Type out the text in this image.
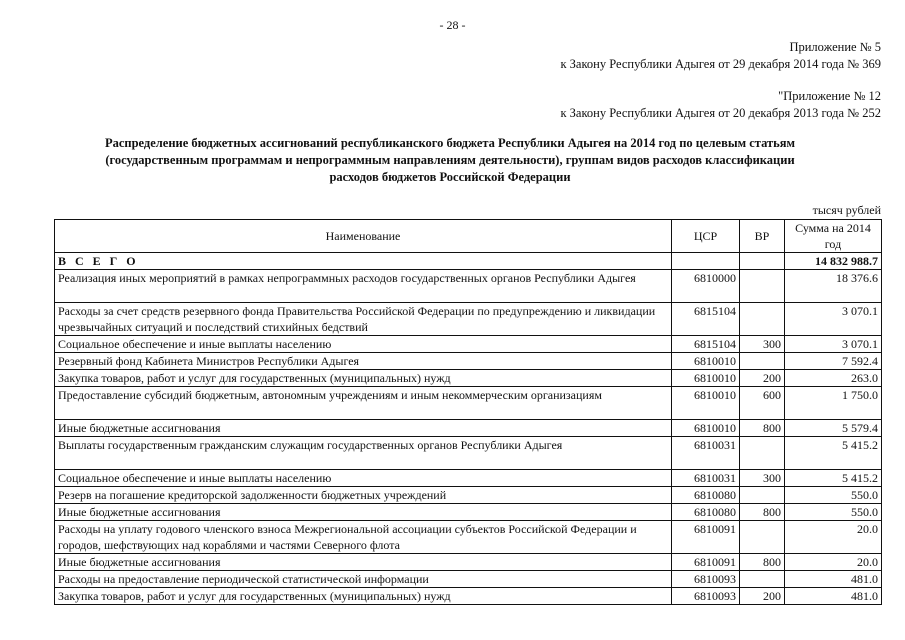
- 28 -
Приложение № 5
к Закону Республики Адыгея от 29 декабря 2014 года № 369
"Приложение № 12
к Закону Республики Адыгея от 20 декабря 2013 года № 252
Распределение бюджетных ассигнований республиканского бюджета Республики Адыгея на 2014 год по целевым статьям
(государственным программам и непрограммным направлениям деятельности), группам видов расходов классификации
расходов бюджетов Российской Федерации
тысяч рублей
Наименование	ЦСР	ВР	Сумма на 2014 год
В С Е Г О			14 832 988.7
Реализация иных мероприятий в рамках непрограммных расходов государственных органов Республики Адыгея	6810000		18 376.6
Расходы за счет средств резервного фонда Правительства Российской Федерации по предупреждению и ликвидации чрезвычайных ситуаций и последствий стихийных бедствий	6815104		3 070.1
Социальное обеспечение и иные выплаты населению	6815104	300	3 070.1
Резервный фонд Кабинета Министров Республики Адыгея	6810010		7 592.4
Закупка товаров, работ и услуг для государственных (муниципальных) нужд	6810010	200	263.0
Предоставление субсидий бюджетным, автономным учреждениям и иным некоммерческим организациям	6810010	600	1 750.0
Иные бюджетные ассигнования	6810010	800	5 579.4
Выплаты государственным гражданским служащим государственных органов Республики Адыгея	6810031		5 415.2
Социальное обеспечение и иные выплаты населению	6810031	300	5 415.2
Резерв на погашение кредиторской задолженности бюджетных учреждений	6810080		550.0
Иные бюджетные ассигнования	6810080	800	550.0
Расходы на уплату годового членского взноса Межрегиональной ассоциации субъектов Российской Федерации и городов, шефствующих над кораблями и частями Северного флота	6810091		20.0
Иные бюджетные ассигнования	6810091	800	20.0
Расходы на предоставление периодической статистической информации	6810093		481.0
Закупка товаров, работ и услуг для государственных (муниципальных) нужд	6810093	200	481.0
